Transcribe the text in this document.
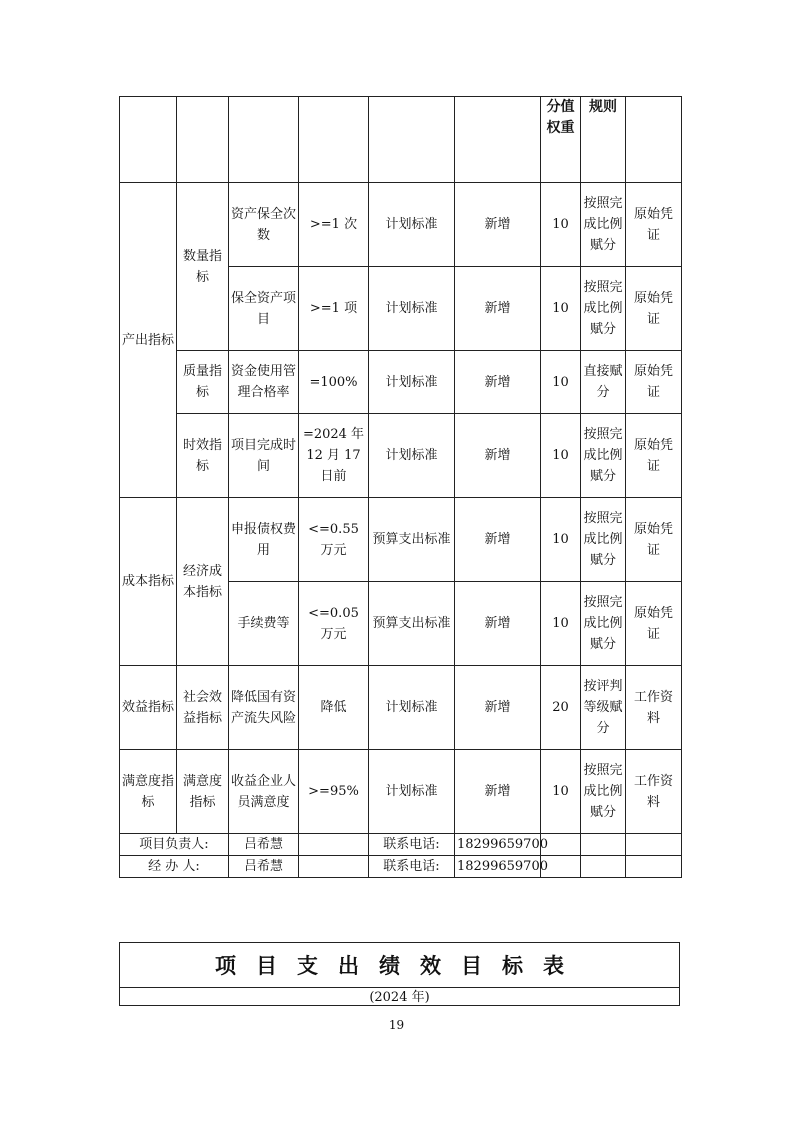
						分值权重	规则	
产出指标	数量指标	资产保全次数	>=1 次	计划标准	新增	10	按照完成比例赋分	原始凭证
		保全资产项目	>=1 项	计划标准	新增	10	按照完成比例赋分	原始凭证
	质量指标	资金使用管理合格率	=100%	计划标准	新增	10	直接赋分	原始凭证
	时效指标	项目完成时间	=2024 年 12 月 17 日前	计划标准	新增	10	按照完成比例赋分	原始凭证
成本指标	经济成本指标	申报债权费用	<=0.55 万元	预算支出标准	新增	10	按照完成比例赋分	原始凭证
		手续费等	<=0.05 万元	预算支出标准	新增	10	按照完成比例赋分	原始凭证
效益指标	社会效益指标	降低国有资产流失风险	降低	计划标准	新增	20	按评判等级赋分	工作资料
满意度指标	满意度指标	收益企业人员满意度	>=95%	计划标准	新增	10	按照完成比例赋分	工作资料
项目负责人:		吕希慧		联系电话:	18299659700			
经 办 人:		吕希慧		联系电话:	18299659700			
项目支出绩效目标表
(2024 年)
19
